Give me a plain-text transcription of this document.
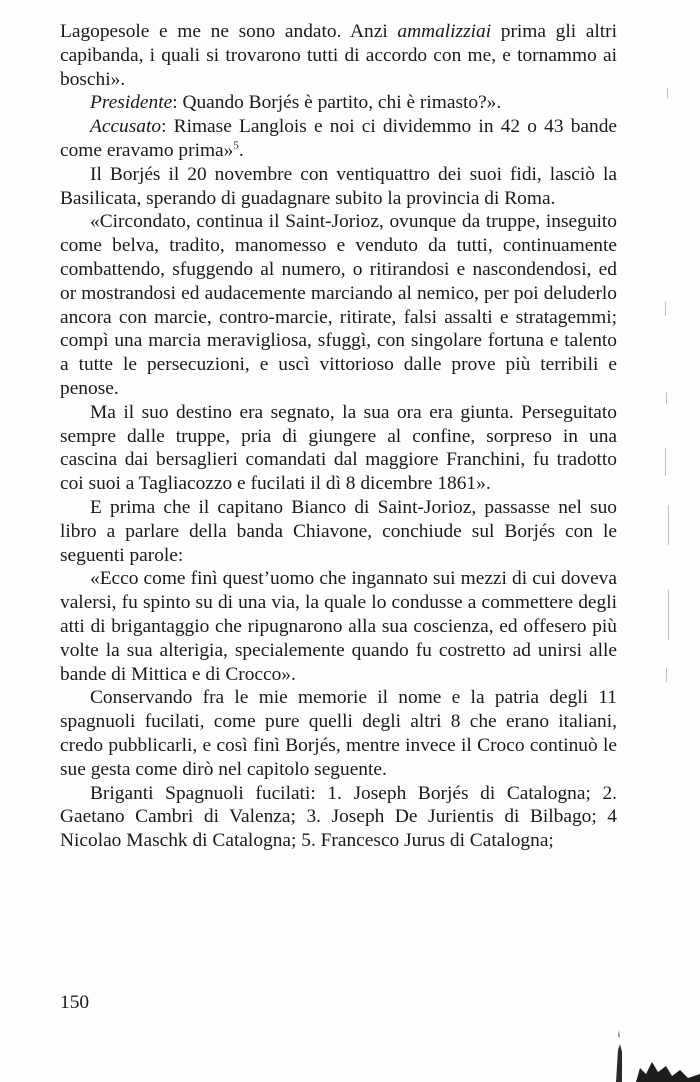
Lagopesole e me ne sono andato. Anzi ammalizziai prima gli altri capibanda, i quali si trovarono tutti di accordo con me, e tornammo ai boschi».

Presidente: Quando Borjés è partito, chi è rimasto?».

Accusato: Rimase Langlois e noi ci dividemmo in 42 o 43 bande come eravamo prima»$^5$.

Il Borjés il 20 novembre con ventiquattro dei suoi fidi, lasciò la Basilicata, sperando di guadagnare subito la provincia di Roma.

«Circondato, continua il Saint-Jorioz, ovunque da truppe, inseguito come belva, tradito, manomesso e venduto da tutti, continuamente combattendo, sfuggendo al numero, o ritirandosi e nascondendosi, ed or mostrandosi ed audacemente marciando al nemico, per poi deluderlo ancora con marcie, contro-marcie, ritirate, falsi assalti e stratagemmi; compì una marcia meravigliosa, sfuggì, con singolare fortuna e talento a tutte le persecuzioni, e uscì vittorioso dalle prove più terribili e penose.

Ma il suo destino era segnato, la sua ora era giunta. Perseguitato sempre dalle truppe, pria di giungere al confine, sorpreso in una cascina dai bersaglieri comandati dal maggiore Franchini, fu tradotto coi suoi a Tagliacozzo e fucilati il dì 8 dicembre 1861».

E prima che il capitano Bianco di Saint-Jorioz, passasse nel suo libro a parlare della banda Chiavone, conchiude sul Borjés con le seguenti parole:

«Ecco come finì quest’uomo che ingannato sui mezzi di cui doveva valersi, fu spinto su di una via, la quale lo condusse a commettere degli atti di brigantaggio che ripugnarono alla sua coscienza, ed offesero più volte la sua alterigia, specialemente quando fu costretto ad unirsi alle bande di Mittica e di Crocco».

Conservando fra le mie memorie il nome e la patria degli 11 spagnuoli fucilati, come pure quelli degli altri 8 che erano italiani, credo pubblicarli, e così finì Borjés, mentre invece il Croco continuò le sue gesta come dirò nel capitolo seguente.

Briganti Spagnuoli fucilati: 1. Joseph Borjés di Catalogna; 2. Gaetano Cambri di Valenza; 3. Joseph De Jurientis di Bilbago; 4 Nicolao Maschk di Catalogna; 5. Francesco Jurus di Catalogna;

150
